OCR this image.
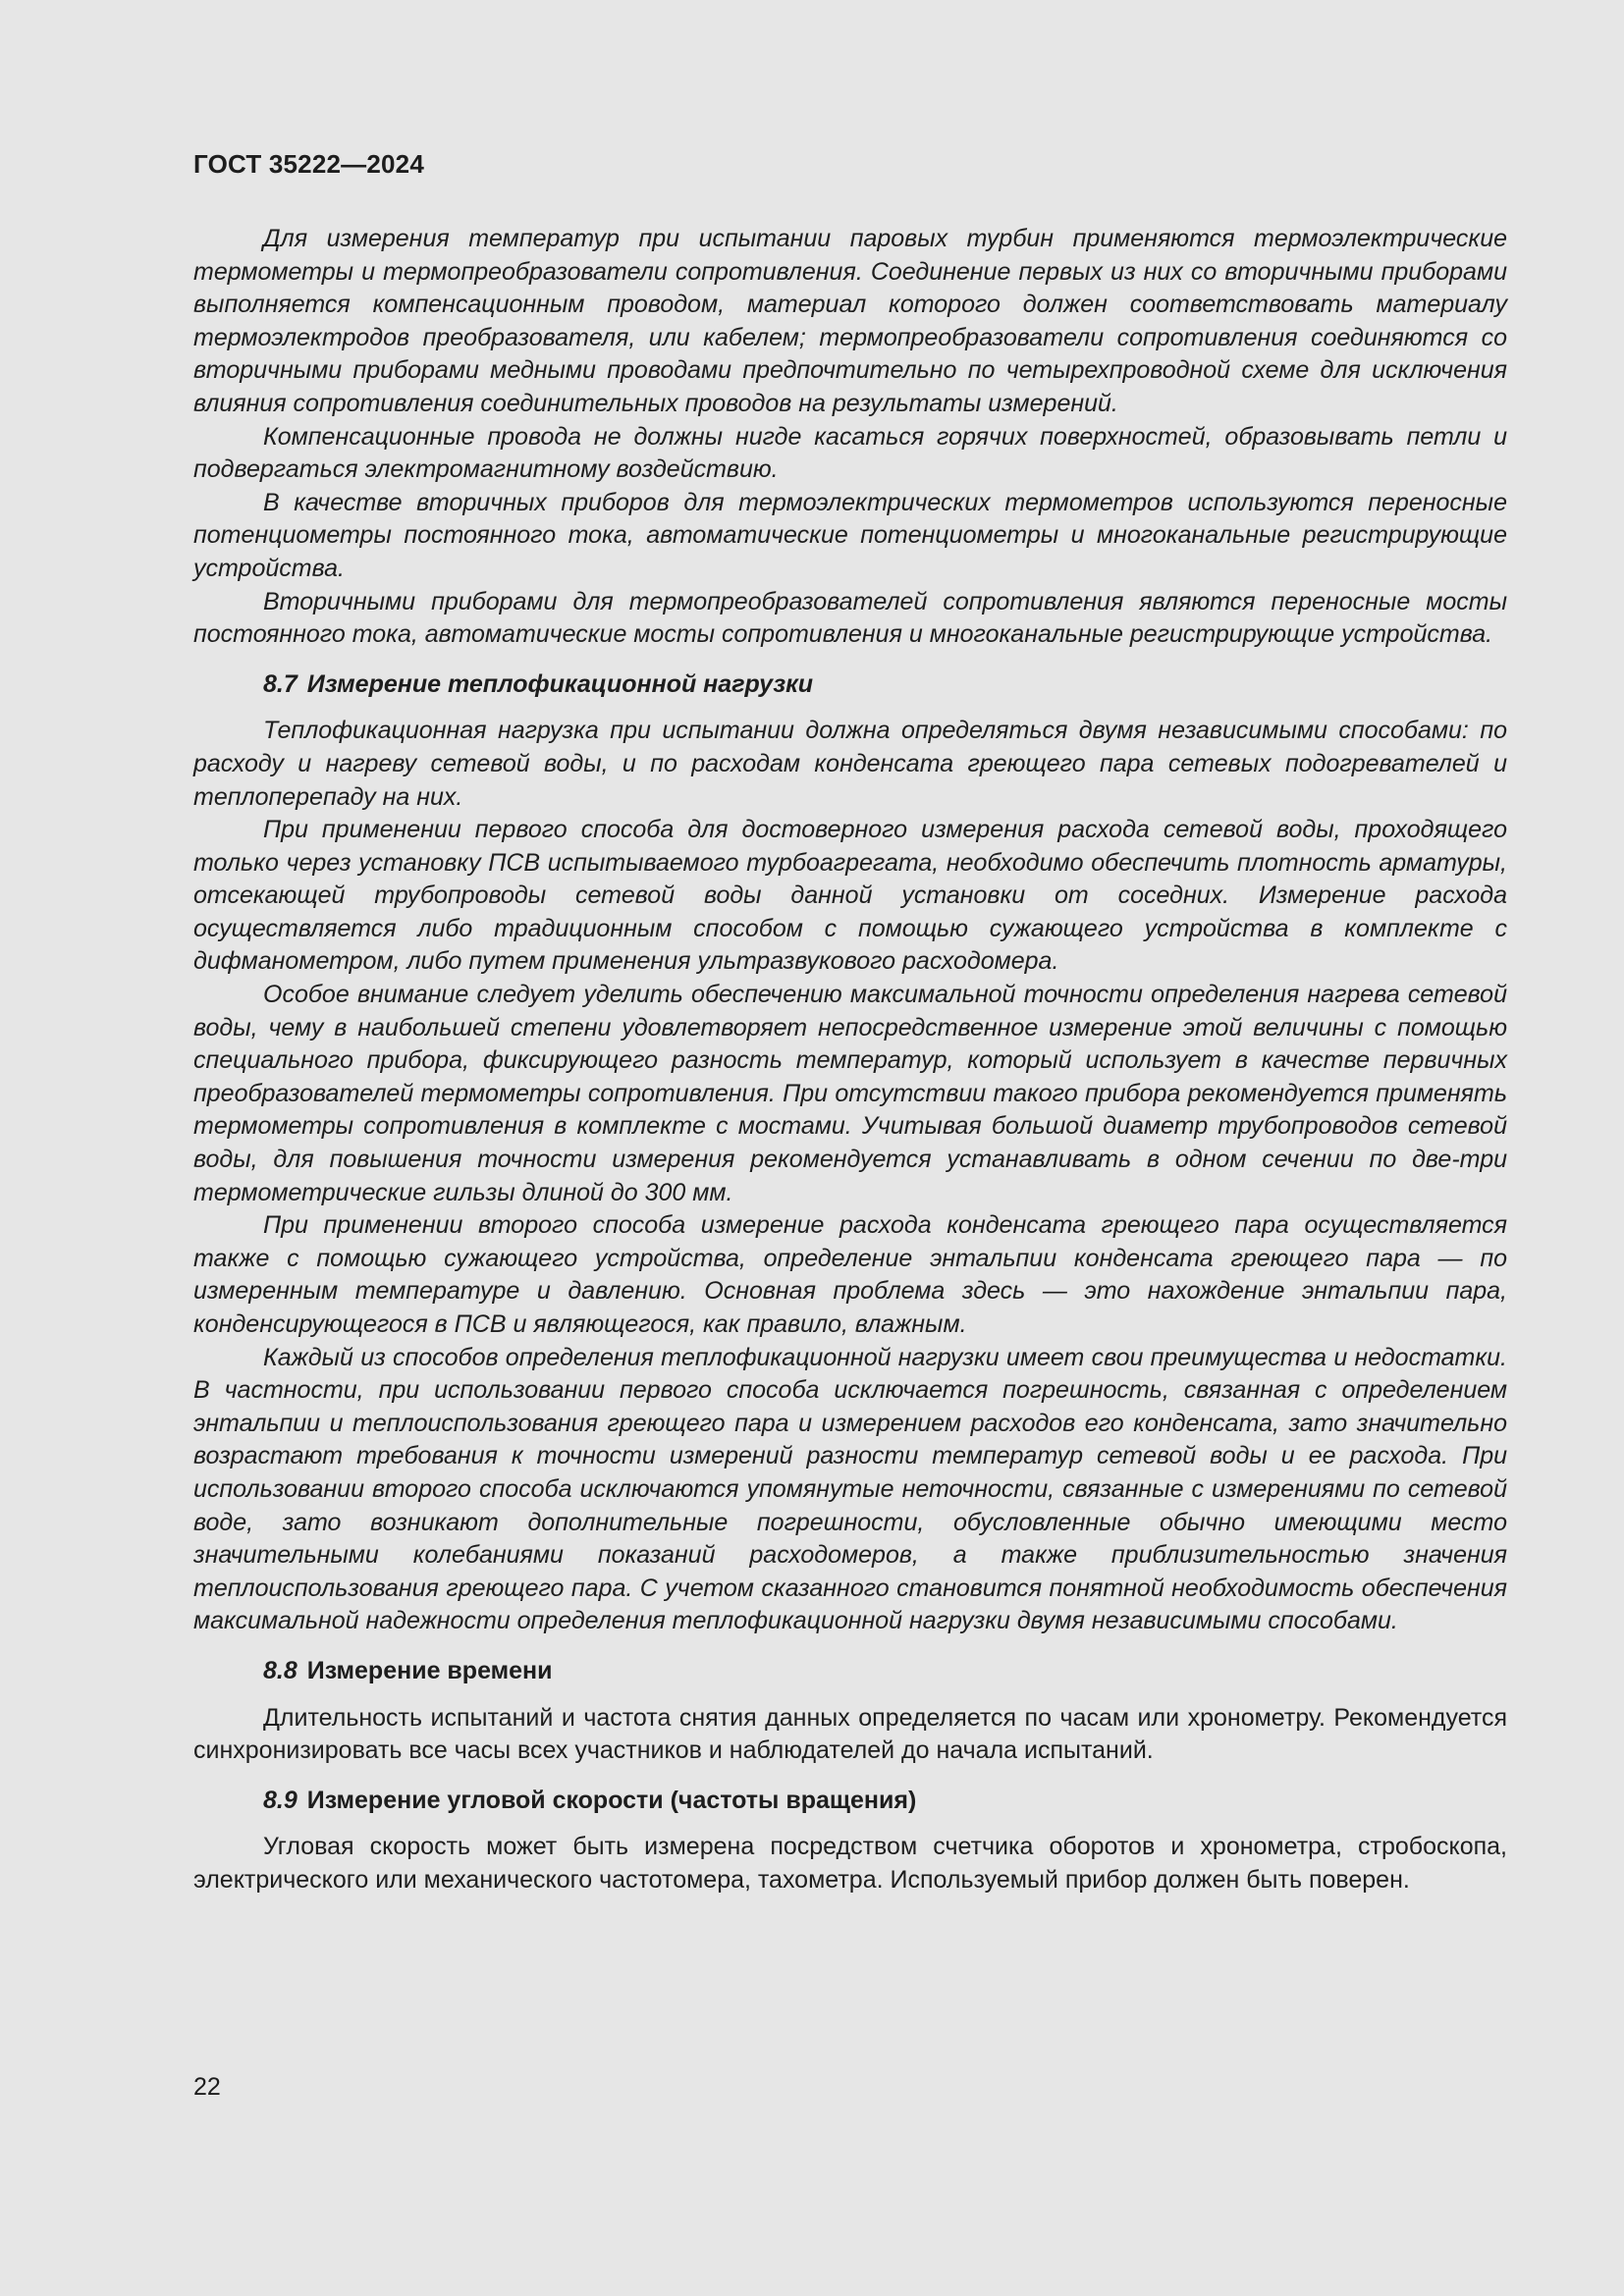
ГОСТ 35222—2024

Для измерения температур при испытании паровых турбин применяются термоэлектрические термометры и термопреобразователи сопротивления. Соединение первых из них со вторичными приборами выполняется компенсационным проводом, материал которого должен соответствовать материалу термоэлектродов преобразователя, или кабелем; термопреобразователи сопротивления соединяются со вторичными приборами медными проводами предпочтительно по четырехпроводной схеме для исключения влияния сопротивления соединительных проводов на результаты измерений.

Компенсационные провода не должны нигде касаться горячих поверхностей, образовывать петли и подвергаться электромагнитному воздействию.

В качестве вторичных приборов для термоэлектрических термометров используются переносные потенциометры постоянного тока, автоматические потенциометры и многоканальные регистрирующие устройства.

Вторичными приборами для термопреобразователей сопротивления являются переносные мосты постоянного тока, автоматические мосты сопротивления и многоканальные регистрирующие устройства.

8.7 Измерение теплофикационной нагрузки

Теплофикационная нагрузка при испытании должна определяться двумя независимыми способами: по расходу и нагреву сетевой воды, и по расходам конденсата греющего пара сетевых подогревателей и теплоперепаду на них.

При применении первого способа для достоверного измерения расхода сетевой воды, проходящего только через установку ПСВ испытываемого турбоагрегата, необходимо обеспечить плотность арматуры, отсекающей трубопроводы сетевой воды данной установки от соседних. Измерение расхода осуществляется либо традиционным способом с помощью сужающего устройства в комплекте с дифманометром, либо путем применения ультразвукового расходомера.

Особое внимание следует уделить обеспечению максимальной точности определения нагрева сетевой воды, чему в наибольшей степени удовлетворяет непосредственное измерение этой величины с помощью специального прибора, фиксирующего разность температур, который использует в качестве первичных преобразователей термометры сопротивления. При отсутствии такого прибора рекомендуется применять термометры сопротивления в комплекте с мостами. Учитывая большой диаметр трубопроводов сетевой воды, для повышения точности измерения рекомендуется устанавливать в одном сечении по две-три термометрические гильзы длиной до 300 мм.

При применении второго способа измерение расхода конденсата греющего пара осуществляется также с помощью сужающего устройства, определение энтальпии конденсата греющего пара — по измеренным температуре и давлению. Основная проблема здесь — это нахождение энтальпии пара, конденсирующегося в ПСВ и являющегося, как правило, влажным.

Каждый из способов определения теплофикационной нагрузки имеет свои преимущества и недостатки. В частности, при использовании первого способа исключается погрешность, связанная с определением энтальпии и теплоиспользования греющего пара и измерением расходов его конденсата, зато значительно возрастают требования к точности измерений разности температур сетевой воды и ее расхода. При использовании второго способа исключаются упомянутые неточности, связанные с измерениями по сетевой воде, зато возникают дополнительные погрешности, обусловленные обычно имеющими место значительными колебаниями показаний расходомеров, а также приблизительностью значения теплоиспользования греющего пара. С учетом сказанного становится понятной необходимость обеспечения максимальной надежности определения теплофикационной нагрузки двумя независимыми способами.

8.8 Измерение времени

Длительность испытаний и частота снятия данных определяется по часам или хронометру. Рекомендуется синхронизировать все часы всех участников и наблюдателей до начала испытаний.

8.9 Измерение угловой скорости (частоты вращения)

Угловая скорость может быть измерена посредством счетчика оборотов и хронометра, стробоскопа, электрического или механического частотомера, тахометра. Используемый прибор должен быть поверен.

22
